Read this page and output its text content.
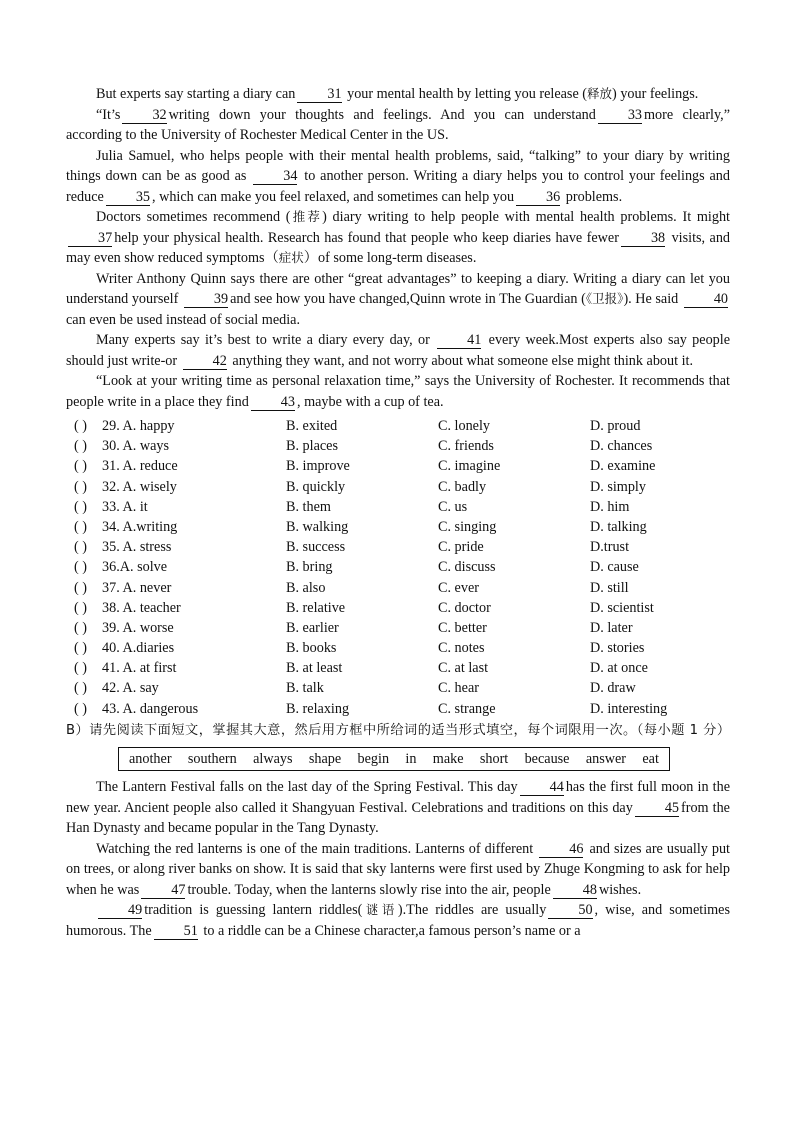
But experts say starting a diary can 31 your mental health by letting you release (释放) your feelings.

“It’s 32 writing down your thoughts and feelings. And you can understand 33 more clearly,” according to the University of Rochester Medical Center in the US.

Julia Samuel, who helps people with their mental health problems, said, “talking” to your diary by writing things down can be as good as 34 to another person. Writing a diary helps you to control your feelings and reduce 35 , which can make you feel relaxed, and sometimes can help you 36 problems.

Doctors sometimes recommend (推荐) diary writing to help people with mental health problems. It might37 help your physical health. Research has found that people who keep diaries have fewer 38 visits, and may even show reduced symptoms（症状）of some long-term diseases.

Writer Anthony Quinn says there are other “great advantages” to keeping a diary. Writing a diary can let you understand yourself 39 and see how you have changed,Quinn wrote in The Guardian (《卫报》). He said 40 can even be used instead of social media.

Many experts say it’s best to write a diary every day, or 41 every week.Most experts also say people should just write-or 42 anything they want, and not worry about what someone else might think about it.

“Look at your writing time as personal relaxation time,” says the University of Rochester. It recommends that people write in a place they find 43 , maybe with a cup of tea.

( )	29. A. happy	B. exited	C. lonely	D. proud
( )	30. A. ways	B. places	C. friends	D. chances
( )	31. A. reduce	B. improve	C. imagine	D. examine
( )	32. A. wisely	B. quickly	C. badly	D. simply
( )	33. A. it	B. them	C. us	D. him
( )	34. A.writing	B. walking	C. singing	D. talking
( )	35. A. stress	B. success	C. pride	D.trust
( )	36.A. solve	B. bring	C. discuss	D. cause
( )	37. A. never	B. also	C. ever	D. still
( )	38. A. teacher	B. relative	C. doctor	D. scientist
( )	39. A. worse	B. earlier	C. better	D. later
( )	40. A.diaries	B. books	C. notes	D. stories
( )	41. A. at first	B. at least	C. at last	D. at once
( )	42. A. say	B. talk	C. hear	D. draw
( )	43. A. dangerous	B. relaxing	C. strange	D. interesting
B）请先阅读下面短文，掌握其大意，然后用方框中所给词的适当形式填空，每个词限用一次。（每小题 1 分）
another southern always shape begin in make short because answer eat

The Lantern Festival falls on the last day of the Spring Festival. This day 44 has the first full moon in the new year. Ancient people also called it Shangyuan Festival. Celebrations and traditions on this day 45 from the Han Dynasty and became popular in the Tang Dynasty.

Watching the red lanterns is one of the main traditions. Lanterns of different 46 and sizes are usually put on trees, or along river banks on show. It is said that sky lanterns were first used by Zhuge Kongming to ask for help when he was 47 trouble. Today, when the lanterns slowly rise into the air, people 48 wishes.

49 tradition is guessing lantern riddles(谜语).The riddles are usually 50 , wise, and sometimes humorous. The 51 to a riddle can be a Chinese character,a famous person’s name or a
